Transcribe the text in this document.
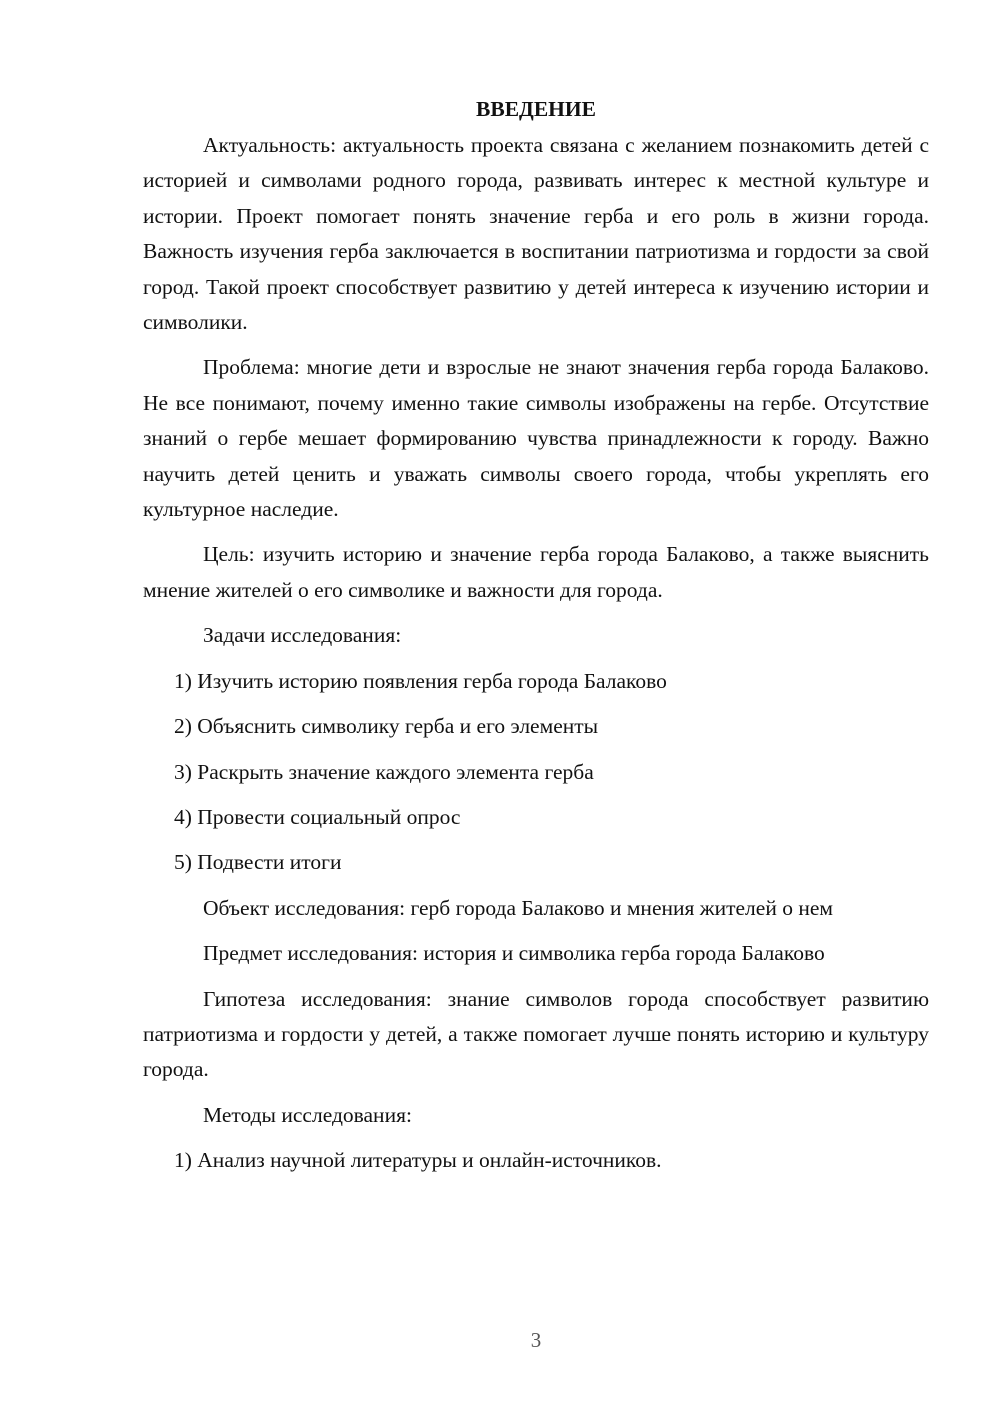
ВВЕДЕНИЕ

Актуальность: актуальность проекта связана с желанием познакомить детей с историей и символами родного города, развивать интерес к местной культуре и истории. Проект помогает понять значение герба и его роль в жизни города. Важность изучения герба заключается в воспитании патриотизма и гордости за свой город. Такой проект способствует развитию у детей интереса к изучению истории и символики.

Проблема: многие дети и взрослые не знают значения герба города Балаково. Не все понимают, почему именно такие символы изображены на гербе. Отсутствие знаний о гербе мешает формированию чувства принадлежности к городу. Важно научить детей ценить и уважать символы своего города, чтобы укреплять его культурное наследие.

Цель: изучить историю и значение герба города Балаково, а также выяснить мнение жителей о его символике и важности для города.

Задачи исследования:

1) Изучить историю появления герба города Балаково
2) Объяснить символику герба и его элементы
3) Раскрыть значение каждого элемента герба
4) Провести социальный опрос
5) Подвести итоги

Объект исследования: герб города Балаково и мнения жителей о нем

Предмет исследования: история и символика герба города Балаково

Гипотеза исследования: знание символов города способствует развитию патриотизма и гордости у детей, а также помогает лучше понять историю и культуру города.

Методы исследования:

1) Анализ научной литературы и онлайн-источников.
3
